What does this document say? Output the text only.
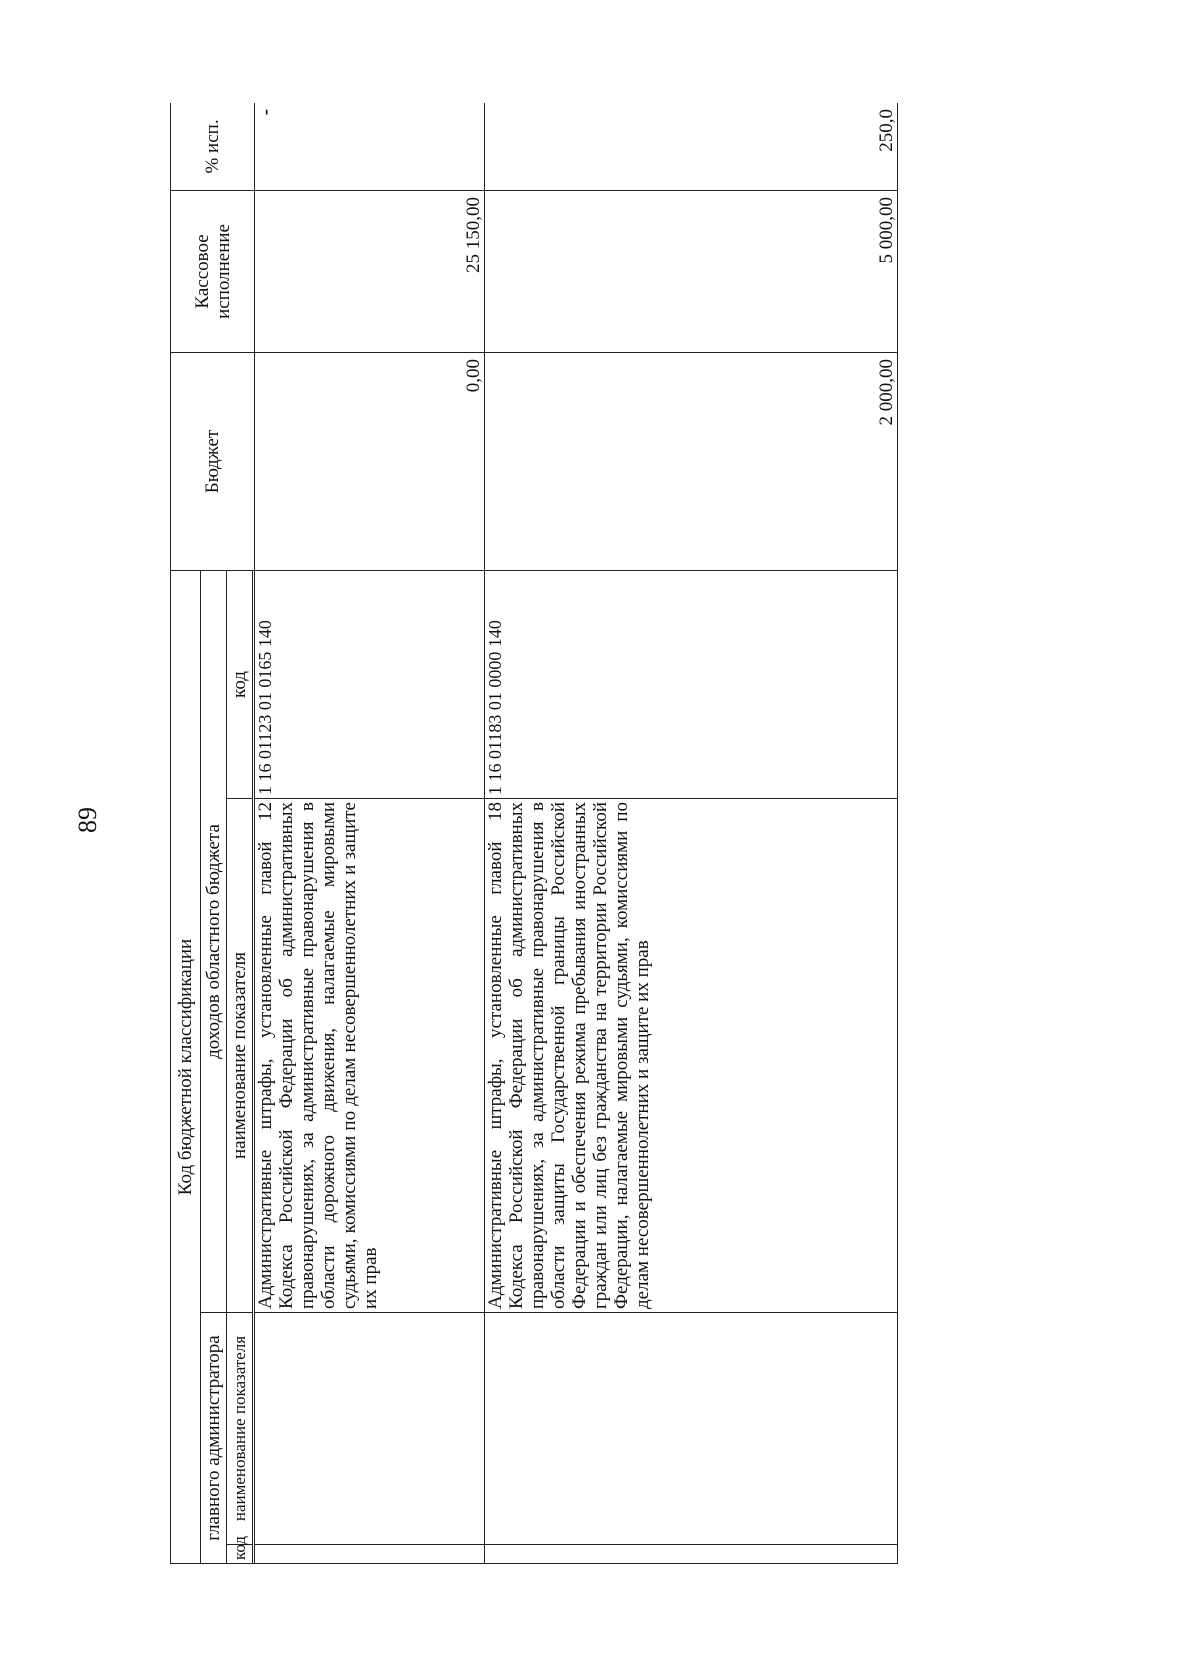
89
Код бюджетной классификации				Бюджет	Кассовое исполнение	% исп.
главного администратора		доходов областного бюджета				
код	наименование показателя	наименование показателя	код			

		Административные штрафы, установленные главой 12 Кодекса Российской Федерации об административных правонарушениях, за административные правонарушения в области дорожного движения, налагаемые мировыми судьями, комиссиями по делам несовершеннолетних и защите их прав	1 16 01123 01 0165 140	0,00	25 150,00	-
		Административные штрафы, установленные главой 18 Кодекса Российской Федерации об административных правонарушениях, за административные правонарушения в области защиты Государственной границы Российской Федерации и обеспечения режима пребывания иностранных граждан или лиц без гражданства на территории Российской Федерации, налагаемые мировыми судьями, комиссиями по делам несовершеннолетних и защите их прав	1 16 01183 01 0000 140	2 000,00	5 000,00	250,0
